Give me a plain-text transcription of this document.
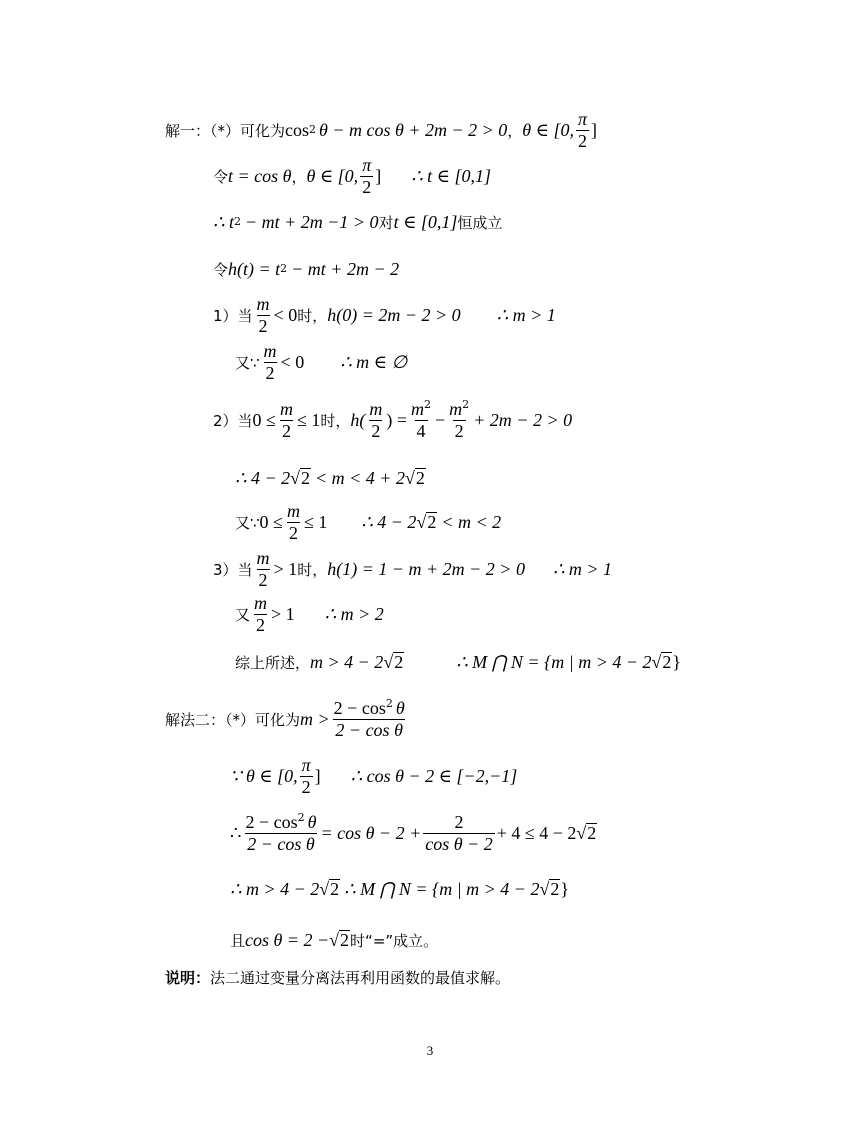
解一：（*）可化为 cos 2 θ − m cos θ + 2m − 2 > 0 ， θ ∈ [0, $\frac{\pi}{2}$ ]
令 t = cos θ ， θ ∈ [0, $\frac{\pi}{2}$ ] ∴ t ∈ [0,1]
∴ t 2 − mt + 2m −1 > 0 对 t ∈ [0,1] 恒成立
令 h(t) = t 2 − mt + 2m − 2
1）当 $\frac{m}{2} < 0$ 时， h(0) = 2m − 2 > 0 ∴ m > 1
又∵ $\frac{m}{2} < 0$ ∴ m ∈ ∅
2）当 $0 \le \frac{m}{2} \le 1$ 时， $h( \frac{m}{2}$ ) = $\frac{m^2}{4} - \frac{m^2}{2} + 2m - 2 > 0$
∴ 4 − 2 √ 2 < m < 4 + 2 √ 2
又∵ $0 \le \frac{m}{2} \le 1$ ∴ 4 − 2 √ 2 < m < 2
3）当 $\frac{m}{2} > 1$ 时， h(1) = 1 − m + 2m − 2 > 0 ∴ m > 1
又 $\frac{m}{2} > 1$ ∴ m > 2
综上所述， m > 4 − 2 √ 2	∴ M ⋂ N = {m | m > 4 − 2 √ 2 }
解法二：（*）可化为 $m > \frac{2 - \cos^2 \theta}{\text{2 − cos θ}}$
∵ θ ∈ [0, $\frac{\pi}{2}$ ] ∴ cos θ − 2 ∈ [−2,−1]
∴ $\frac{2 - \cos^2 \theta}{\text{2 − cos θ}} = \cos \theta - 2 + \frac{2}{\text{cos θ − 2}} + 4 \le 4 - 2$ √ 2
∴ m > 4 − 2 √ 2 ∴ M ⋂ N = {m | m > 4 − 2 √ 2 }
且 cos θ = 2 − √ 2 时“=”成立。
说明： 法二通过变量分离法再利用函数的最值求解。
3
